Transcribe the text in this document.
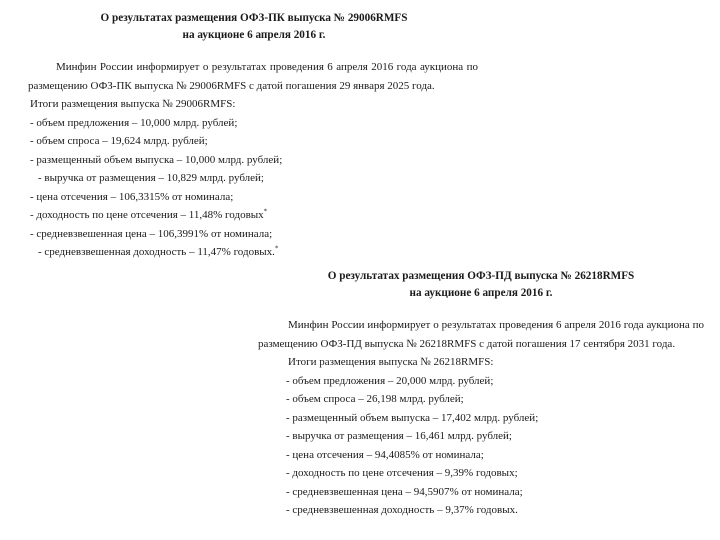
О результатах размещения ОФЗ-ПК выпуска № 29006RMFS
на аукционе 6 апреля 2016 г.

Минфин России информирует о результатах проведения 6 апреля 2016 года аукциона по размещению ОФЗ-ПК выпуска № 29006RMFS с датой погашения 29 января 2025 года.

Итоги размещения выпуска № 29006RMFS:

- объем предложения – 10,000 млрд. рублей;
- объем спроса – 19,624 млрд. рублей;
- размещенный объем выпуска – 10,000 млрд. рублей;
- выручка от размещения – 10,829 млрд. рублей;
- цена отсечения – 106,3315% от номинала;
- доходность по цене отсечения – 11,48% годовых*
- средневзвешенная цена – 106,3991% от номинала;
- средневзвешенная доходность – 11,47% годовых.*

О результатах размещения ОФЗ-ПД выпуска № 26218RMFS
на аукционе 6 апреля 2016 г.

Минфин России информирует о результатах проведения 6 апреля 2016 года аукциона по размещению ОФЗ-ПД выпуска № 26218RMFS с датой погашения 17 сентября 2031 года.

Итоги размещения выпуска № 26218RMFS:

- объем предложения – 20,000 млрд. рублей;
- объем спроса – 26,198 млрд. рублей;
- размещенный объем выпуска – 17,402 млрд. рублей;
- выручка от размещения – 16,461 млрд. рублей;
- цена отсечения – 94,4085% от номинала;
- доходность по цене отсечения – 9,39% годовых;
- средневзвешенная цена – 94,5907% от номинала;
- средневзвешенная доходность – 9,37% годовых.
